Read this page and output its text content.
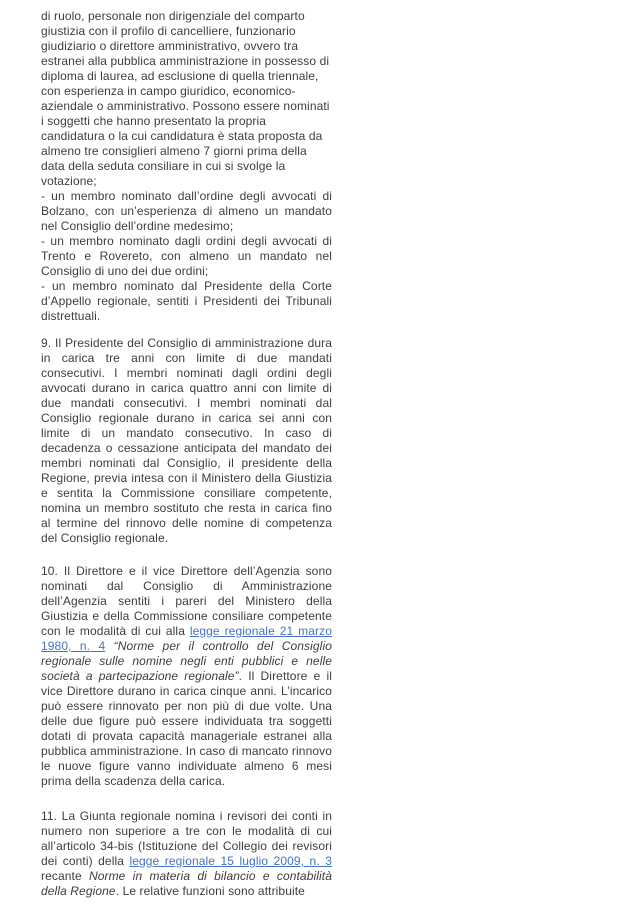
di ruolo, personale non dirigenziale del comparto giustizia con il profilo di cancelliere, funzionario giudiziario o direttore amministrativo, ovvero tra estranei alla pubblica amministrazione in possesso di diploma di laurea, ad esclusione di quella triennale, con esperienza in campo giuridico, economico-aziendale o amministrativo. Possono essere nominati i soggetti che hanno presentato la propria candidatura o la cui candidatura è stata proposta da almeno tre consiglieri almeno 7 giorni prima della data della seduta consiliare in cui si svolge la votazione;

- un membro nominato dall’ordine degli avvocati di Bolzano, con un’esperienza di almeno un mandato nel Consiglio dell’ordine medesimo;

- un membro nominato dagli ordini degli avvocati di Trento e Rovereto, con almeno un mandato nel Consiglio di uno dei due ordini;

- un membro nominato dal Presidente della Corte d’Appello regionale, sentiti i Presidenti dei Tribunali distrettuali.

9. Il Presidente del Consiglio di amministrazione dura in carica tre anni con limite di due mandati consecutivi. I membri nominati dagli ordini degli avvocati durano in carica quattro anni con limite di due mandati consecutivi. I membri nominati dal Consiglio regionale durano in carica sei anni con limite di un mandato consecutivo. In caso di decadenza o cessazione anticipata del mandato dei membri nominati dal Consiglio, il presidente della Regione, previa intesa con il Ministero della Giustizia e sentita la Commissione consiliare competente, nomina un membro sostituto che resta in carica fino al termine del rinnovo delle nomine di competenza del Consiglio regionale.

10. Il Direttore e il vice Direttore dell’Agenzia sono nominati dal Consiglio di Amministrazione dell’Agenzia sentiti i pareri del Ministero della Giustizia e della Commissione consiliare competente con le modalità di cui alla legge regionale 21 marzo 1980, n. 4 “Norme per il controllo del Consiglio regionale sulle nomine negli enti pubblici e nelle società a partecipazione regionale”. Il Direttore e il vice Direttore durano in carica cinque anni. L’incarico può essere rinnovato per non più di due volte. Una delle due figure può essere individuata tra soggetti dotati di provata capacità manageriale estranei alla pubblica amministrazione. In caso di mancato rinnovo le nuove figure vanno individuate almeno 6 mesi prima della scadenza della carica.

11. La Giunta regionale nomina i revisori dei conti in numero non superiore a tre con le modalità di cui all’articolo 34-bis (Istituzione del Collegio dei revisori dei conti) della legge regionale 15 luglio 2009, n. 3 recante Norme in materia di bilancio e contabilità della Regione. Le relative funzioni sono attribuite
